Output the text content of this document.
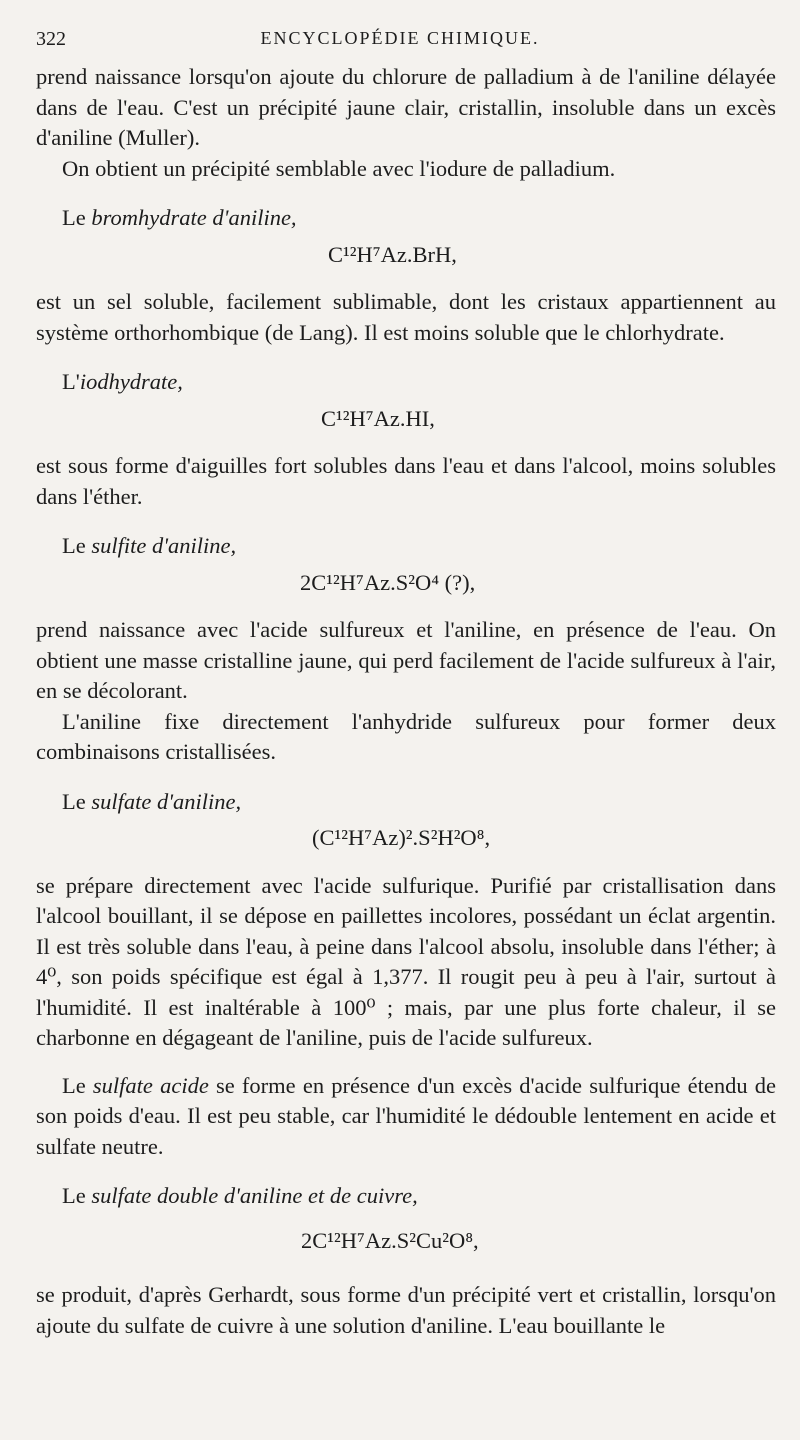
322	ENCYCLOPÉDIE CHIMIQUE.

prend naissance lorsqu'on ajoute du chlorure de palladium à de l'aniline délayée dans de l'eau. C'est un précipité jaune clair, cristallin, insoluble dans un excès d'aniline (Muller).

On obtient un précipité semblable avec l'iodure de palladium.

Le bromhydrate d'aniline,
C¹²H⁷Az.BrH,

est un sel soluble, facilement sublimable, dont les cristaux appartiennent au système orthorhombique (de Lang). Il est moins soluble que le chlorhydrate.

L'iodhydrate,
C¹²H⁷Az.HI,

est sous forme d'aiguilles fort solubles dans l'eau et dans l'alcool, moins solubles dans l'éther.

Le sulfite d'aniline,
2C¹²H⁷Az.S²O⁴ (?),

prend naissance avec l'acide sulfureux et l'aniline, en présence de l'eau. On obtient une masse cristalline jaune, qui perd facilement de l'acide sulfureux à l'air, en se décolorant.

L'aniline fixe directement l'anhydride sulfureux pour former deux combinaisons cristallisées.

Le sulfate d'aniline,
(C¹²H⁷Az)².S²H²O⁸,

se prépare directement avec l'acide sulfurique. Purifié par cristallisation dans l'alcool bouillant, il se dépose en paillettes incolores, possédant un éclat argentin. Il est très soluble dans l'eau, à peine dans l'alcool absolu, insoluble dans l'éther; à 4⁰, son poids spécifique est égal à 1,377. Il rougit peu à peu à l'air, surtout à l'humidité. Il est inaltérable à 100⁰ ; mais, par une plus forte chaleur, il se charbonne en dégageant de l'aniline, puis de l'acide sulfureux.

Le sulfate acide se forme en présence d'un excès d'acide sulfurique étendu de son poids d'eau. Il est peu stable, car l'humidité le dédouble lentement en acide et sulfate neutre.

Le sulfate double d'aniline et de cuivre,
2C¹²H⁷Az.S²Cu²O⁸,

se produit, d'après Gerhardt, sous forme d'un précipité vert et cristallin, lorsqu'on ajoute du sulfate de cuivre à une solution d'aniline. L'eau bouillante le
